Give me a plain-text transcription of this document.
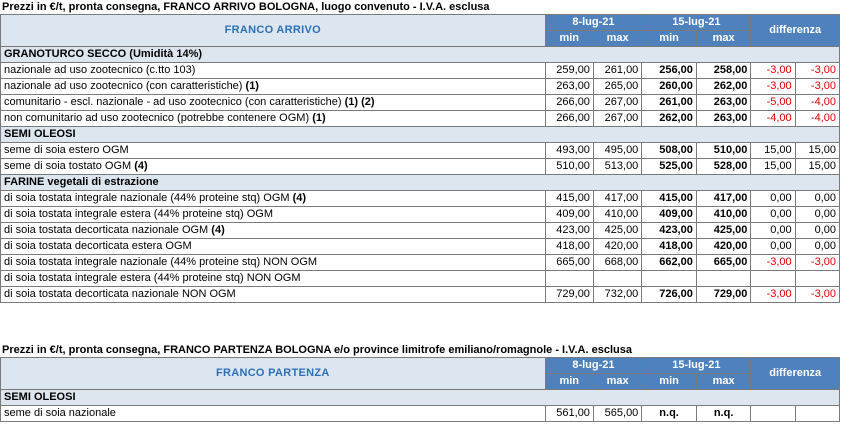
Prezzi in €/t, pronta consegna, FRANCO ARRIVO BOLOGNA, luogo convenuto - I.V.A. esclusa
FRANCO ARRIVO	8-lug-21		15-lug-21		differenza	
	min	max	min	max		
GRANOTURCO SECCO (Umidità 14%)						
nazionale ad uso zootecnico (c.tto 103)	259,00	261,00	256,00	258,00	-3,00	-3,00
nazionale ad uso zootecnico (con caratteristiche) (1)	263,00	265,00	260,00	262,00	-3,00	-3,00
comunitario - escl. nazionale - ad uso zootecnico (con caratteristiche) (1) (2)	266,00	267,00	261,00	263,00	-5,00	-4,00
non comunitario ad uso zootecnico (potrebbe contenere OGM) (1)	266,00	267,00	262,00	263,00	-4,00	-4,00
SEMI OLEOSI						
seme di soia estero OGM	493,00	495,00	508,00	510,00	15,00	15,00
seme di soia tostato OGM (4)	510,00	513,00	525,00	528,00	15,00	15,00
FARINE vegetali di estrazione						
di soia tostata integrale nazionale (44% proteine stq) OGM (4)	415,00	417,00	415,00	417,00	0,00	0,00
di soia tostata integrale estera (44% proteine stq) OGM	409,00	410,00	409,00	410,00	0,00	0,00
di soia tostata decorticata nazionale OGM (4)	423,00	425,00	423,00	425,00	0,00	0,00
di soia tostata decorticata estera OGM	418,00	420,00	418,00	420,00	0,00	0,00
di soia tostata integrale nazionale (44% proteine stq) NON OGM	665,00	668,00	662,00	665,00	-3,00	-3,00
di soia tostata integrale estera (44% proteine stq) NON OGM						
di soia tostata decorticata nazionale NON OGM	729,00	732,00	726,00	729,00	-3,00	-3,00
Prezzi in €/t, pronta consegna, FRANCO PARTENZA BOLOGNA e/o province limitrofe emiliano/romagnole - I.V.A. esclusa
FRANCO PARTENZA	8-lug-21		15-lug-21		differenza	
	min	max	min	max		
SEMI OLEOSI						
seme di soia nazionale	561,00	565,00	n.q.	n.q.		
